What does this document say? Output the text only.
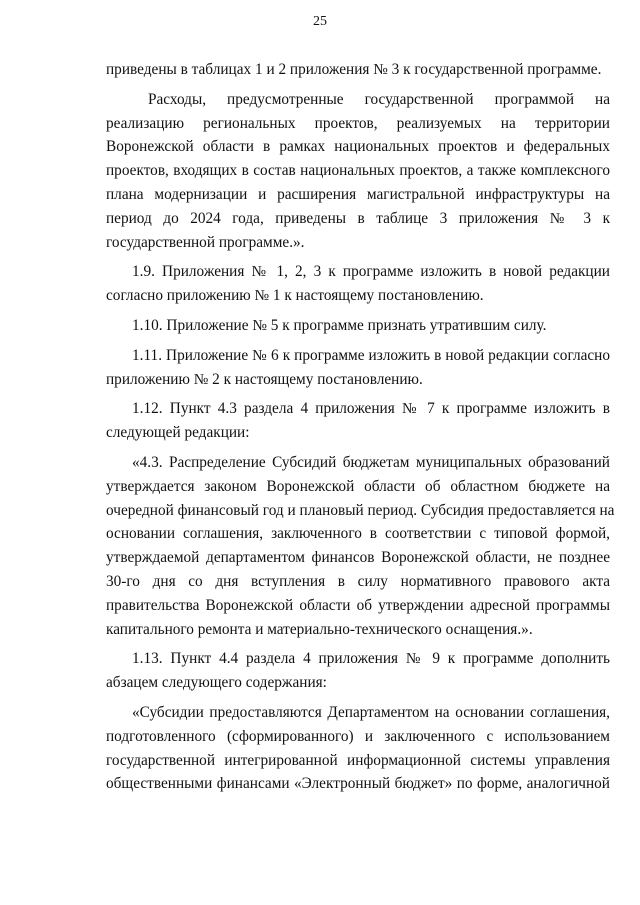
25
приведены в таблицах 1 и 2 приложения № 3 к государственной программе.
Расходы, предусмотренные государственной программой на
реализацию региональных проектов, реализуемых на территории
Воронежской области в рамках национальных проектов и федеральных
проектов, входящих в состав национальных проектов, а также комплексного
плана модернизации и расширения магистральной инфраструктуры на
период до 2024 года, приведены в таблице 3 приложения № 3 к
государственной программе.».
1.9. Приложения № 1, 2, 3 к программе изложить в новой редакции
согласно приложению № 1 к настоящему постановлению.
1.10. Приложение № 5 к программе признать утратившим силу.
1.11. Приложение № 6 к программе изложить в новой редакции согласно
приложению № 2 к настоящему постановлению.
1.12. Пункт 4.3 раздела 4 приложения № 7 к программе изложить в
следующей редакции:
«4.3. Распределение Субсидий бюджетам муниципальных образований
утверждается законом Воронежской области об областном бюджете на
очередной финансовый год и плановый период. Субсидия предоставляется на
основании соглашения, заключенного в соответствии с типовой формой,
утверждаемой департаментом финансов Воронежской области, не позднее
30-го дня со дня вступления в силу нормативного правового акта
правительства Воронежской области об утверждении адресной программы
капитального ремонта и материально-технического оснащения.».
1.13. Пункт 4.4 раздела 4 приложения № 9 к программе дополнить
абзацем следующего содержания:
«Субсидии предоставляются Департаментом на основании соглашения,
подготовленного (сформированного) и заключенного с использованием
государственной интегрированной информационной системы управления
общественными финансами «Электронный бюджет» по форме, аналогичной
